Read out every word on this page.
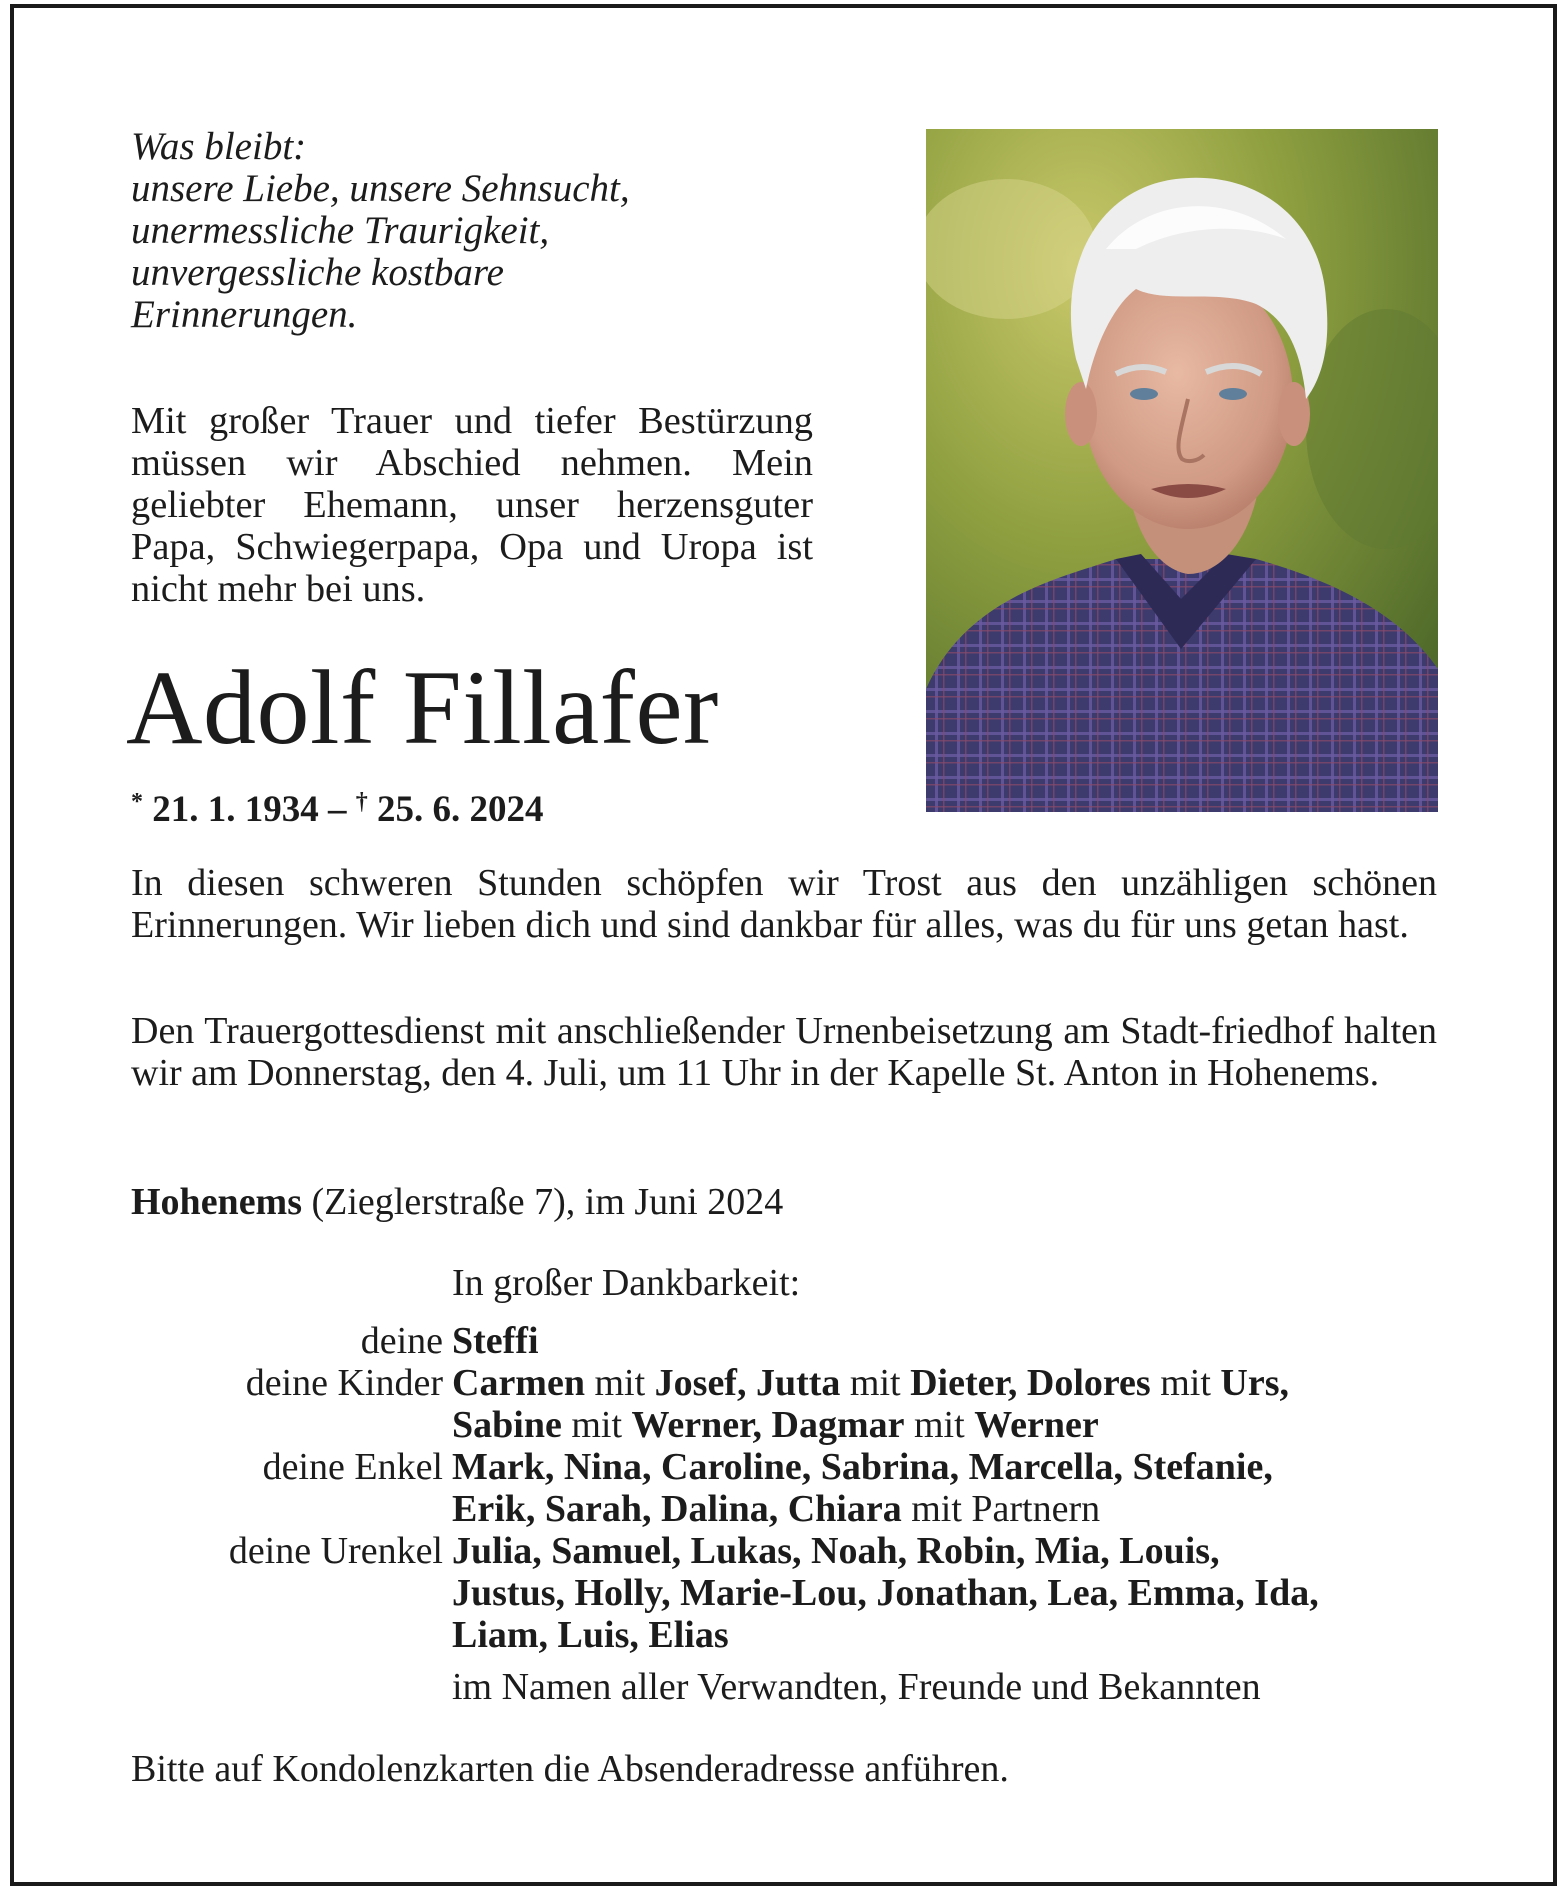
Was bleibt:
unsere Liebe, unsere Sehnsucht,
unermessliche Traurigkeit,
unvergessliche kostbare
Erinnerungen.

Mit großer Trauer und tiefer Bestürzung müssen wir Abschied nehmen. Mein geliebter Ehemann, unser herzensguter Papa, Schwiegerpapa, Opa und Uropa ist nicht mehr bei uns.

Adolf Fillafer

* 21. 1. 1934 – † 25. 6. 2024

In diesen schweren Stunden schöpfen wir Trost aus den unzähligen schönen Erinnerungen. Wir lieben dich und sind dankbar für alles, was du für uns getan hast.

Den Trauergottesdienst mit anschließender Urnenbeisetzung am Stadt-friedhof halten wir am Donnerstag, den 4. Juli, um 11 Uhr in der Kapelle St. Anton in Hohenems.

Hohenems (Zieglerstraße 7), im Juni 2024

In großer Dankbarkeit:

deine Steffi
deine Kinder Carmen mit Josef, Jutta mit Dieter, Dolores mit Urs,
Sabine mit Werner, Dagmar mit Werner
deine Enkel Mark, Nina, Caroline, Sabrina, Marcella, Stefanie,
Erik, Sarah, Dalina, Chiara mit Partnern
deine Urenkel Julia, Samuel, Lukas, Noah, Robin, Mia, Louis,
Justus, Holly, Marie-Lou, Jonathan, Lea, Emma, Ida,
Liam, Luis, Elias

im Namen aller Verwandten, Freunde und Bekannten

Bitte auf Kondolenzkarten die Absenderadresse anführen.
